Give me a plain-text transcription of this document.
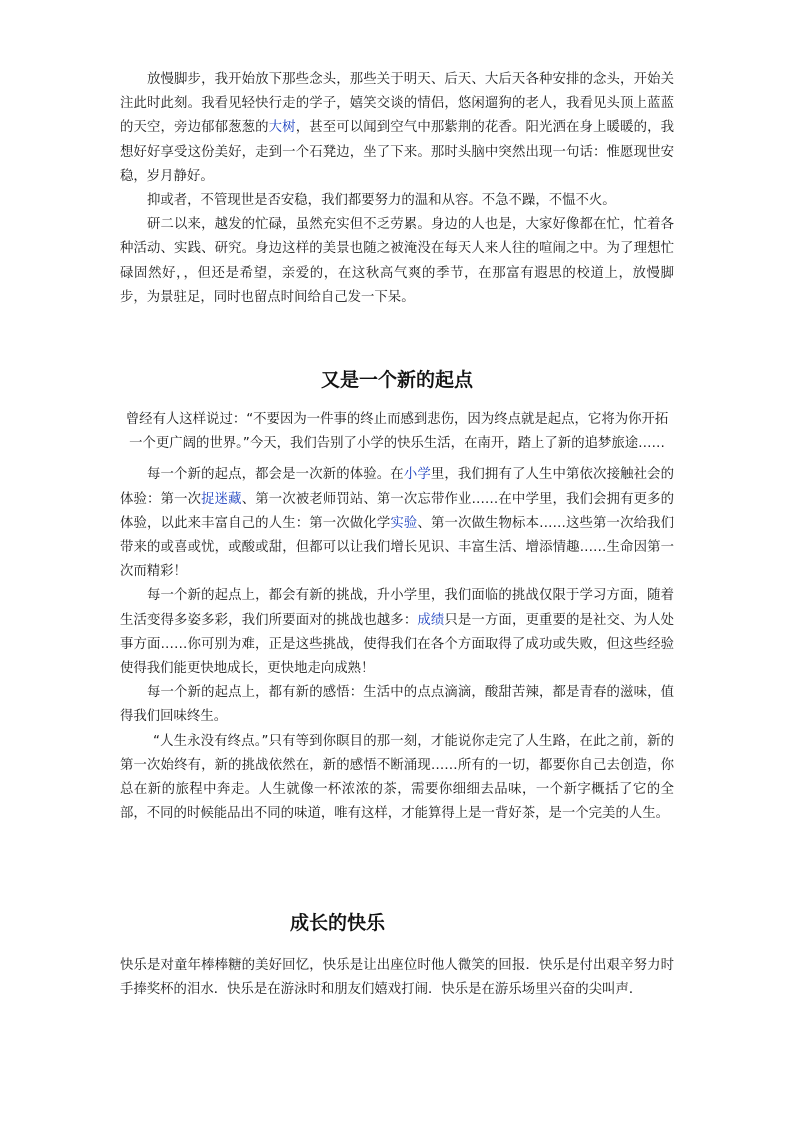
放慢脚步，我开始放下那些念头，那些关于明天、后天、大后天各种安排的念头，开始关注此时此刻。我看见轻快行走的学子，嬉笑交谈的情侣，悠闲遛狗的老人，我看见头顶上蓝蓝的天空，旁边郁郁葱葱的大树，甚至可以闻到空气中那紫荆的花香。阳光洒在身上暖暖的，我想好好享受这份美好，走到一个石凳边，坐了下来。那时头脑中突然出现一句话：惟愿现世安稳，岁月静好。

抑或者，不管现世是否安稳，我们都要努力的温和从容。不急不躁，不愠不火。

研二以来，越发的忙碌，虽然充实但不乏劳累。身边的人也是，大家好像都在忙，忙着各种活动、实践、研究。身边这样的美景也随之被淹没在每天人来人往的喧闹之中。为了理想忙碌固然好，，但还是希望，亲爱的，在这秋高气爽的季节，在那富有遐思的校道上，放慢脚步，为景驻足，同时也留点时间给自己发一下呆。

又是一个新的起点

曾经有人这样说过：“不要因为一件事的终止而感到悲伤，因为终点就是起点，它将为你开拓一个更广阔的世界。”今天，我们告别了小学的快乐生活，在南开，踏上了新的追梦旅途……

每一个新的起点，都会是一次新的体验。在小学里，我们拥有了人生中第依次接触社会的体验：第一次捉迷藏、第一次被老师罚站、第一次忘带作业……在中学里，我们会拥有更多的体验，以此来丰富自己的人生：第一次做化学实验、第一次做生物标本……这些第一次给我们带来的或喜或忧，或酸或甜，但都可以让我们增长见识、丰富生活、增添情趣……生命因第一次而精彩！

每一个新的起点上，都会有新的挑战，升小学里，我们面临的挑战仅限于学习方面，随着生活变得多姿多彩，我们所要面对的挑战也越多：成绩只是一方面，更重要的是社交、为人处事方面……你可别为难，正是这些挑战，使得我们在各个方面取得了成功或失败，但这些经验使得我们能更快地成长，更快地走向成熟！

每一个新的起点上，都有新的感悟：生活中的点点滴滴，酸甜苦辣，都是青春的滋味，值得我们回味终生。

“人生永没有终点。”只有等到你瞑目的那一刻，才能说你走完了人生路，在此之前，新的第一次始终有，新的挑战依然在，新的感悟不断涌现……所有的一切，都要你自己去创造，你总在新的旅程中奔走。人生就像一杯浓浓的茶，需要你细细去品味，一个新字概括了它的全部，不同的时候能品出不同的味道，唯有这样，才能算得上是一背好茶，是一个完美的人生。

成长的快乐

快乐是对童年棒棒糖的美好回忆，快乐是让出座位时他人微笑的回报．快乐是付出艰辛努力时手捧奖杯的泪水．快乐是在游泳时和朋友们嬉戏打闹．快乐是在游乐场里兴奋的尖叫声．
